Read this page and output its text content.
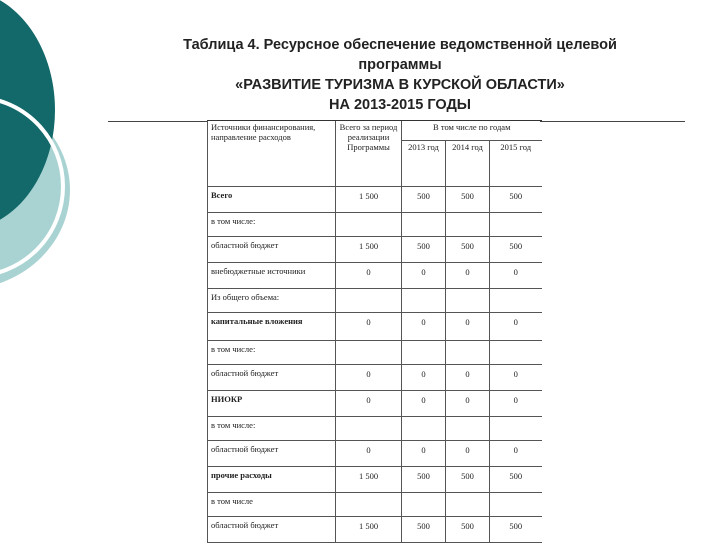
Таблица 4. Ресурсное обеспечение ведомственной целевой
программы
«РАЗВИТИЕ ТУРИЗМА В КУРСКОЙ ОБЛАСТИ»
НА 2013-2015 ГОДЫ
Источники финансирования, направление расходов	Всего за период реализации Программы	В том числе по годам		
		2013 год	2014 год	2015 год
Всего	1 500	500	500	500
в том числе:				
областной бюджет	1 500	500	500	500
внебюджетные источники	0	0	0	0
Из общего объема:				
капитальные вложения	0	0	0	0
в том числе:				
областной бюджет	0	0	0	0
НИОКР	0	0	0	0
в том числе:				
областной бюджет	0	0	0	0
прочие расходы	1 500	500	500	500
в том числе				
областной бюджет	1 500	500	500	500
